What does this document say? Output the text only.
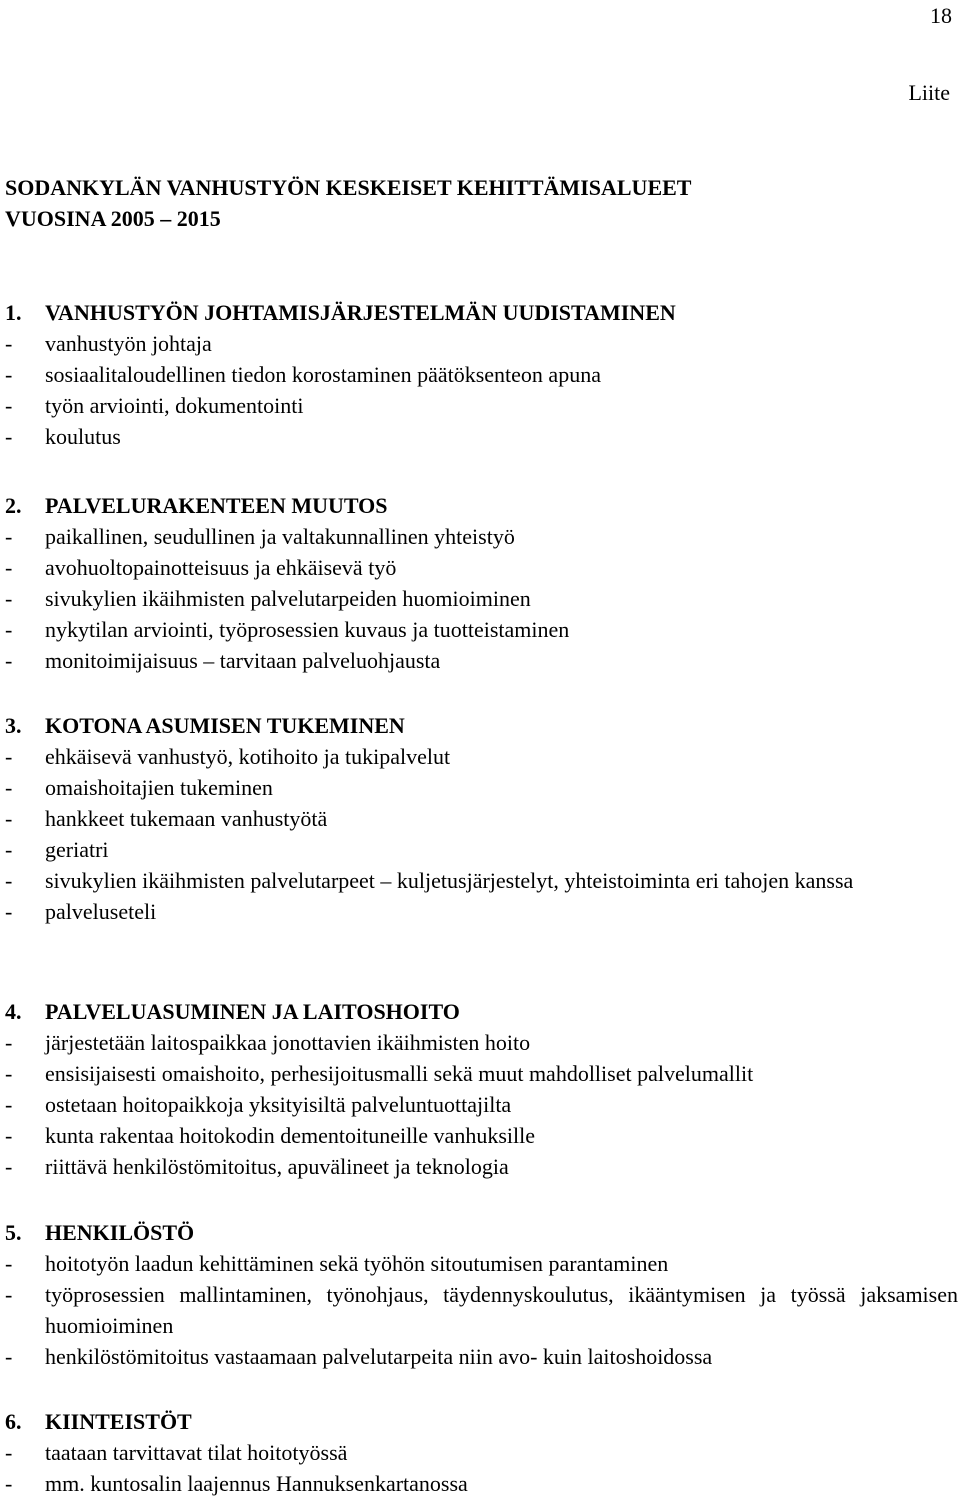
18
Liite
SODANKYLÄN VANHUSTYÖN KESKEISET KEHITTÄMISALUEET
VUOSINA 2005 – 2015
1. VANHUSTYÖN JOHTAMISJÄRJESTELMÄN UUDISTAMINEN
- vanhustyön johtaja
- sosiaalitaloudellinen tiedon korostaminen päätöksenteon apuna
- työn arviointi, dokumentointi
- koulutus
2. PALVELURAKENTEEN MUUTOS
- paikallinen, seudullinen ja valtakunnallinen yhteistyö
- avohuoltopainotteisuus ja ehkäisevä työ
- sivukylien ikäihmisten palvelutarpeiden huomioiminen
- nykytilan arviointi, työprosessien kuvaus ja tuotteistaminen
- monitoimijaisuus – tarvitaan palveluohjausta
3. KOTONA ASUMISEN TUKEMINEN
- ehkäisevä vanhustyö, kotihoito ja tukipalvelut
- omaishoitajien tukeminen
- hankkeet tukemaan vanhustyötä
- geriatri
- sivukylien ikäihmisten palvelutarpeet – kuljetusjärjestelyt, yhteistoiminta eri tahojen kanssa
- palveluseteli
4. PALVELUASUMINEN JA LAITOSHOITO
- järjestetään laitospaikkaa jonottavien ikäihmisten hoito
- ensisijaisesti omaishoito, perhesijoitusmalli sekä muut mahdolliset palvelumallit
- ostetaan hoitopaikkoja yksityisiltä palveluntuottajilta
- kunta rakentaa hoitokodin dementoituneille vanhuksille
- riittävä henkilöstömitoitus, apuvälineet ja teknologia
5. HENKILÖSTÖ
- hoitotyön laadun kehittäminen sekä työhön sitoutumisen parantaminen
- työprosessien mallintaminen, työnohjaus, täydennyskoulutus, ikääntymisen ja työssä jaksamisen huomioiminen
- henkilöstömitoitus vastaamaan palvelutarpeita niin avo- kuin laitoshoidossa
6. KIINTEISTÖT
- taataan tarvittavat tilat hoitotyössä
- mm. kuntosalin laajennus Hannuksenkartanossa
